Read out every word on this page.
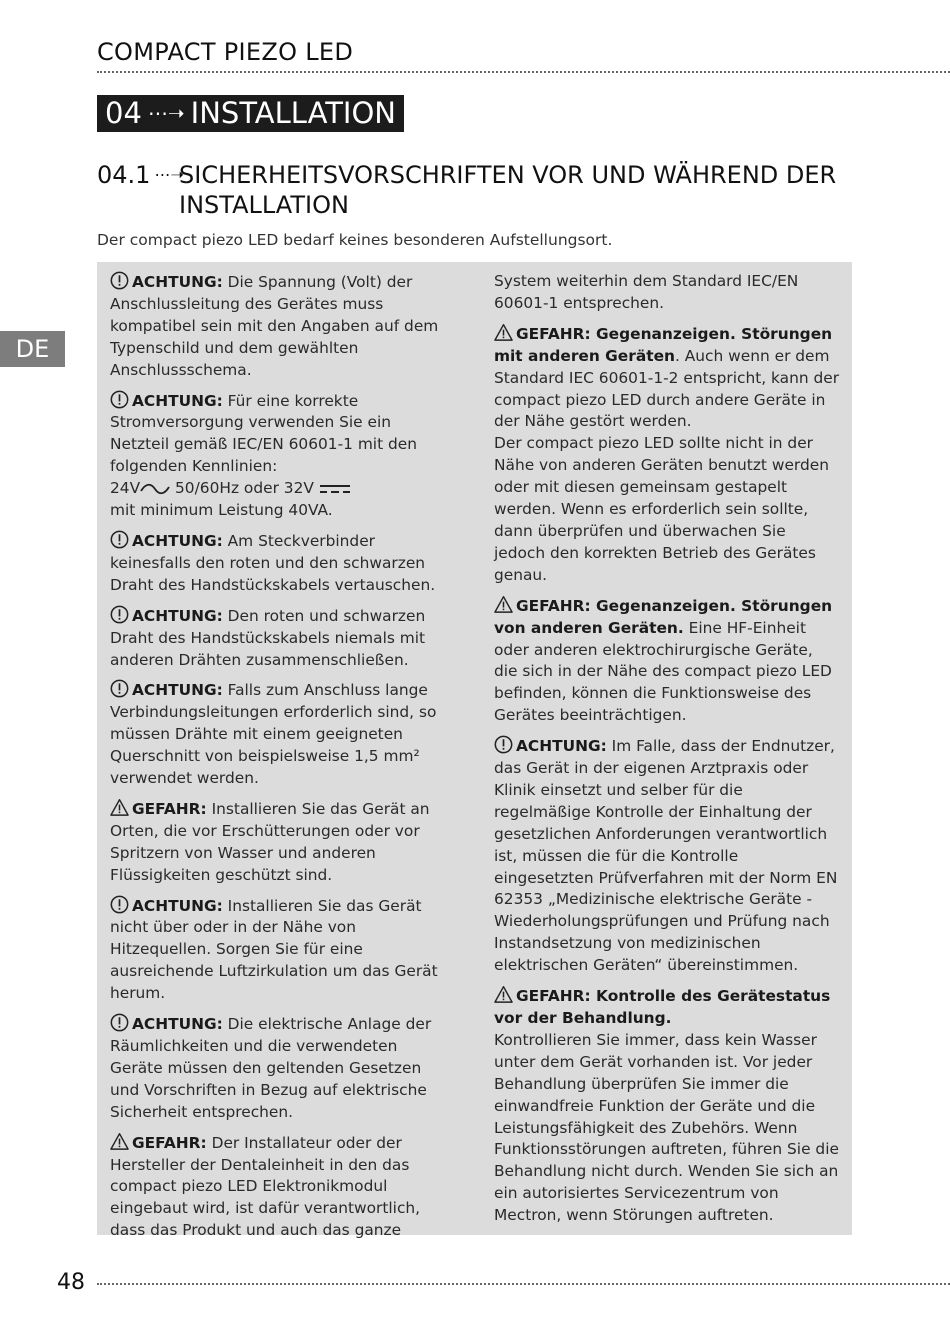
COMPACT PIEZO LED
04 ⋯➝ INSTALLATION
04.1 ⋯➝
SICHERHEITSVORSCHRIFTEN VOR UND WÄHREND DER INSTALLATION
Der compact piezo LED bedarf keines besonderen Aufstellungsort.
DE
ACHTUNG: Die Spannung (Volt) der Anschlussleitung des Gerätes muss kompatibel sein mit den Angaben auf dem Typenschild und dem gewählten Anschlussschema.
ACHTUNG: Für eine korrekte Stromversorgung verwenden Sie ein Netzteil gemäß IEC/EN 60601-1 mit den folgenden Kennlinien:
24V 50/60Hz oder 32V
mit minimum Leistung 40VA.
ACHTUNG: Am Steckverbinder keinesfalls den roten und den schwarzen Draht des Handstückskabels vertauschen.
ACHTUNG: Den roten und schwarzen Draht des Handstückskabels niemals mit anderen Drähten zusammenschließen.
ACHTUNG: Falls zum Anschluss lange Verbindungsleitungen erforderlich sind, so müssen Drähte mit einem geeigneten Querschnitt von beispielsweise 1,5 mm² verwendet werden.
GEFAHR: Installieren Sie das Gerät an Orten, die vor Erschütterungen oder vor Spritzern von Wasser und anderen Flüssigkeiten geschützt sind.
ACHTUNG: Installieren Sie das Gerät nicht über oder in der Nähe von Hitzequellen. Sorgen Sie für eine ausreichende Luftzirkulation um das Gerät herum.
ACHTUNG: Die elektrische Anlage der Räumlichkeiten und die verwendeten Geräte müssen den geltenden Gesetzen und Vorschriften in Bezug auf elektrische Sicherheit entsprechen.
GEFAHR: Der Installateur oder der Hersteller der Dentaleinheit in den das compact piezo LED Elektronikmodul eingebaut wird, ist dafür verantwortlich, dass das Produkt und auch das ganze
System weiterhin dem Standard IEC/EN 60601-1 entsprechen.
GEFAHR: Gegenanzeigen. Störungen mit anderen Geräten. Auch wenn er dem Standard IEC 60601-1-2 entspricht, kann der compact piezo LED durch andere Geräte in der Nähe gestört werden.
Der compact piezo LED sollte nicht in der Nähe von anderen Geräten benutzt werden oder mit diesen gemeinsam gestapelt werden. Wenn es erforderlich sein sollte, dann überprüfen und überwachen Sie jedoch den korrekten Betrieb des Gerätes genau.
GEFAHR: Gegenanzeigen. Störungen von anderen Geräten. Eine HF-Einheit oder anderen elektrochirurgische Geräte, die sich in der Nähe des compact piezo LED befinden, können die Funktionsweise des Gerätes beeinträchtigen.
ACHTUNG: Im Falle, dass der Endnutzer, das Gerät in der eigenen Arztpraxis oder Klinik einsetzt und selber für die regelmäßige Kontrolle der Einhaltung der gesetzlichen Anforderungen verantwortlich ist, müssen die für die Kontrolle eingesetzten Prüfverfahren mit der Norm EN 62353 „Medizinische elektrische Geräte - Wiederholungsprüfungen und Prüfung nach Instandsetzung von medizinischen elektrischen Geräten“ übereinstimmen.
GEFAHR: Kontrolle des Gerätestatus vor der Behandlung.
Kontrollieren Sie immer, dass kein Wasser unter dem Gerät vorhanden ist. Vor jeder Behandlung überprüfen Sie immer die einwandfreie Funktion der Geräte und die Leistungsfähigkeit des Zubehörs. Wenn Funktionsstörungen auftreten, führen Sie die Behandlung nicht durch. Wenden Sie sich an ein autorisiertes Servicezentrum von Mectron, wenn Störungen auftreten.
48
